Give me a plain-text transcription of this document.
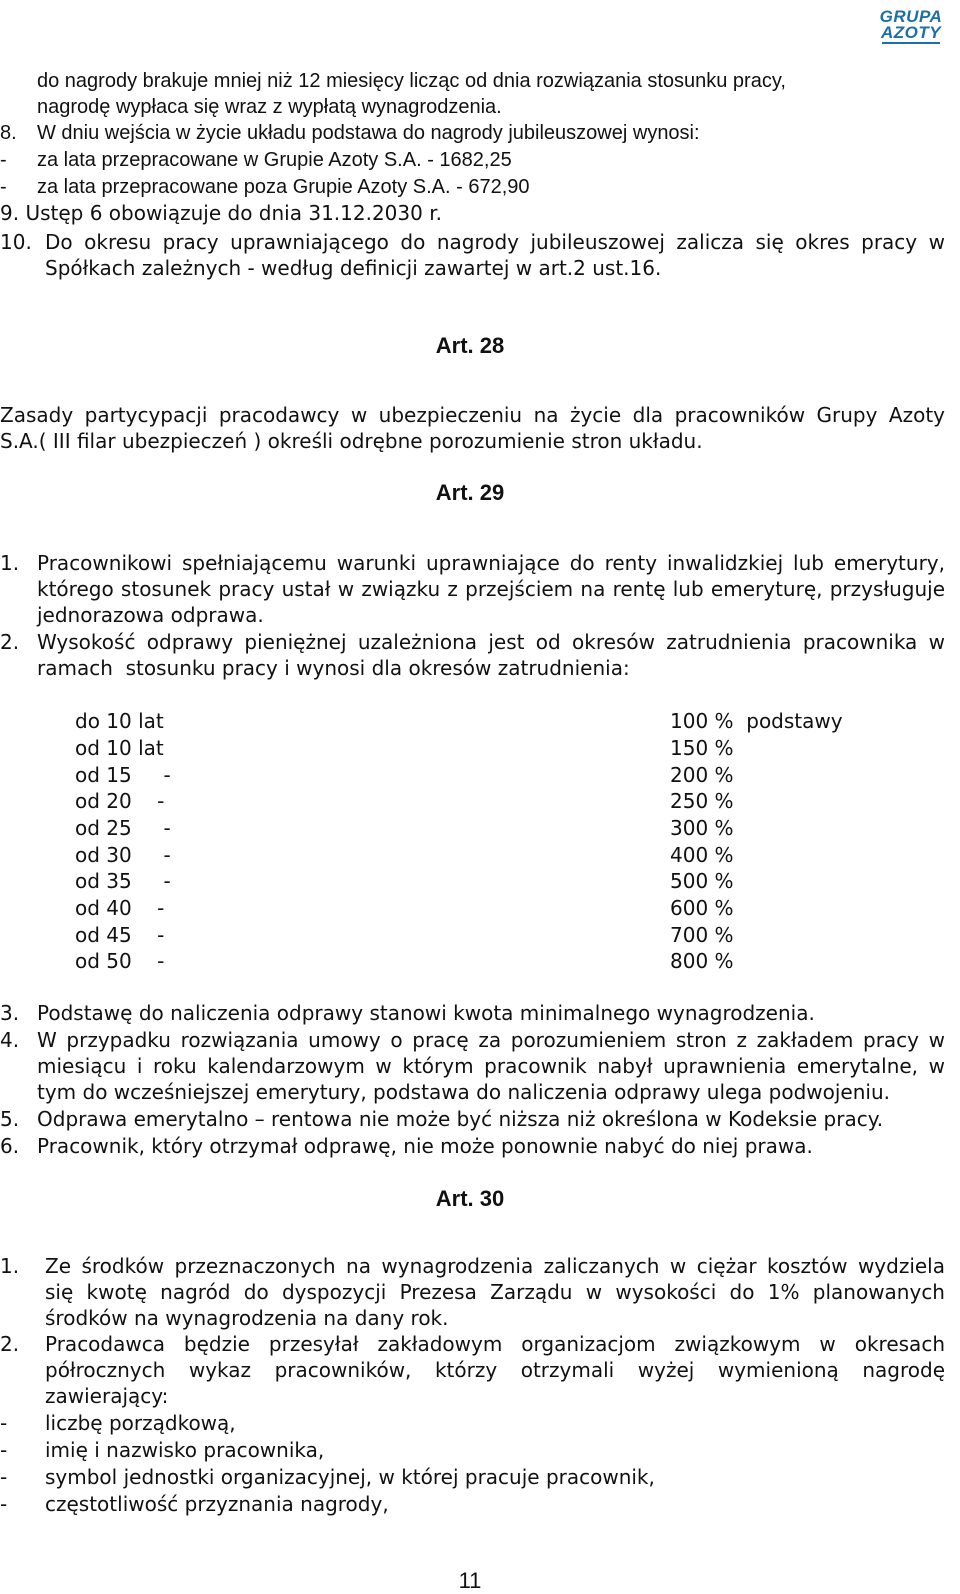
GRUPA
AZOTY
do nagrody brakuje mniej niż 12 miesięcy licząc od dnia rozwiązania stosunku pracy,
nagrodę wypłaca się wraz z wypłatą wynagrodzenia.
8. W dniu wejścia w życie układu podstawa do nagrody jubileuszowej wynosi:
- za lata przepracowane w Grupie Azoty S.A. - 1682,25
- za lata przepracowane poza Grupie Azoty S.A. - 672,90
9. Ustęp 6 obowiązuje do dnia 31.12.2030 r.
10. Do okresu pracy uprawniającego do nagrody jubileuszowej zalicza się okres pracy w
Spółkach zależnych - według definicji zawartej w art.2 ust.16.
Art. 28
Zasady partycypacji pracodawcy w ubezpieczeniu na życie dla pracowników Grupy Azoty
S.A.( III filar ubezpieczeń ) określi odrębne porozumienie stron układu.
Art. 29
1. Pracownikowi spełniającemu warunki uprawniające do renty inwalidzkiej lub emerytury,
którego stosunek pracy ustał w związku z przejściem na rentę lub emeryturę, przysługuje
jednorazowa odprawa.
2. Wysokość odprawy pieniężnej uzależniona jest od okresów zatrudnienia pracownika w
ramach  stosunku pracy i wynosi dla okresów zatrudnienia:
do 10 lat	100 %  podstawy
od 10 lat	150 %
od 15     -	200 %
od 20    -	250 %
od 25     -	300 %
od 30     -	400 %
od 35     -	500 %
od 40    -	600 %
od 45    -	700 %
od 50    -	800 %
3. Podstawę do naliczenia odprawy stanowi kwota minimalnego wynagrodzenia.
4. W przypadku rozwiązania umowy o pracę za porozumieniem stron z zakładem pracy w
miesiącu i roku kalendarzowym w którym pracownik nabył uprawnienia emerytalne, w
tym do wcześniejszej emerytury, podstawa do naliczenia odprawy ulega podwojeniu.
5. Odprawa emerytalno – rentowa nie może być niższa niż określona w Kodeksie pracy.
6. Pracownik, który otrzymał odprawę, nie może ponownie nabyć do niej prawa.
Art. 30
1. Ze środków przeznaczonych na wynagrodzenia zaliczanych w ciężar kosztów wydziela
się kwotę nagród do dyspozycji Prezesa Zarządu w wysokości do 1% planowanych
środków na wynagrodzenia na dany rok.
2. Pracodawca będzie przesyłał zakładowym organizacjom związkowym w okresach
półrocznych wykaz pracowników, którzy otrzymali wyżej wymienioną nagrodę
zawierający:
- liczbę porządkową,
- imię i nazwisko pracownika,
- symbol jednostki organizacyjnej, w której pracuje pracownik,
- częstotliwość przyznania nagrody,
11
